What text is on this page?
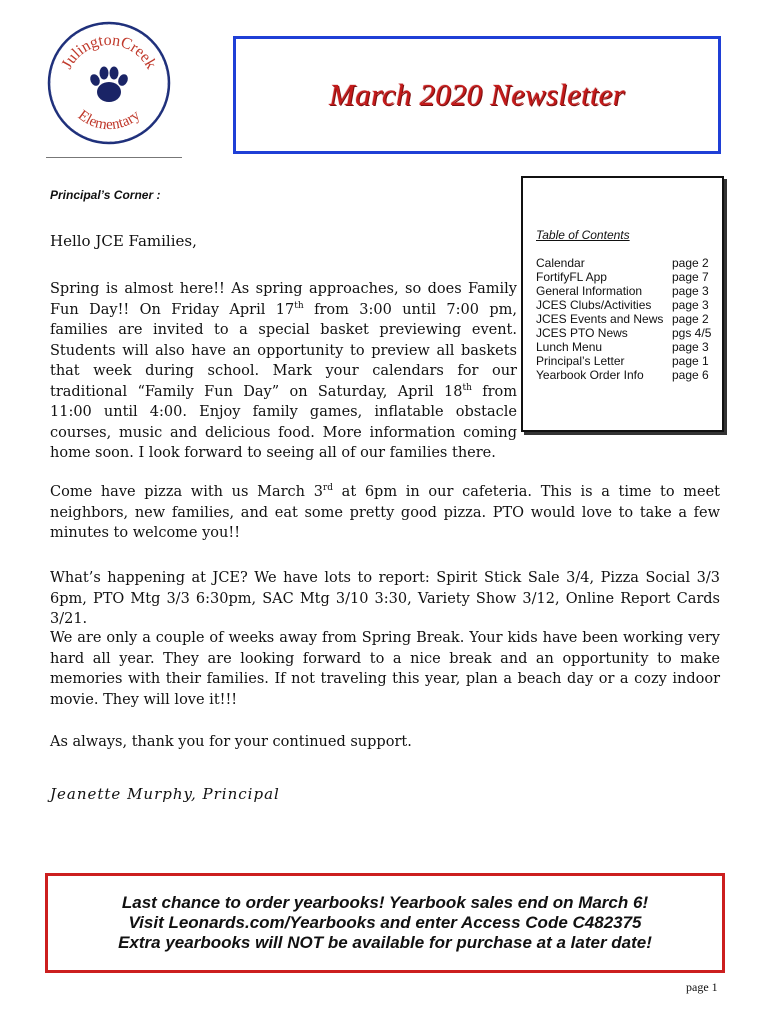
JulingtonCreek
Elementary
March 2020 Newsletter
Principal’s Corner :
Table of Contents
Calendar	page 2
FortifyFL App	page 7
General Information page 3
JCES Clubs/Activities page 3
JCES Events and News page 2
JCES PTO News	pgs 4/5
Lunch Menu	page 3
Principal’s Letter	page 1
Yearbook Order Info page 6
Hello JCE Families,
Spring is almost here!! As spring approaches, so does Family Fun Day!! On Friday April 17th from 3:00 until 7:00 pm, families are invited to a special basket previewing event. Students will also have an opportunity to preview all baskets that week during school. Mark your calendars for our traditional “Family Fun Day” on Saturday, April 18th from 11:00 until 4:00. Enjoy family games, inflatable obstacle courses, music and delicious food. More information coming home soon. I look forward to seeing all of our families there.
Come have pizza with us March 3rd at 6pm in our cafeteria. This is a time to meet neighbors, new families, and eat some pretty good pizza. PTO would love to take a few minutes to welcome you!!
What’s happening at JCE? We have lots to report: Spirit Stick Sale 3/4, Pizza Social 3/3 6pm, PTO Mtg 3/3 6:30pm, SAC Mtg 3/10 3:30, Variety Show 3/12, Online Report Cards 3/21.
We are only a couple of weeks away from Spring Break. Your kids have been working very hard all year. They are looking forward to a nice break and an opportunity to make memories with their families. If not traveling this year, plan a beach day or a cozy indoor movie. They will love it!!!
As always, thank you for your continued support.
Jeanette Murphy, Principal
Last chance to order yearbooks! Yearbook sales end on March 6!
Visit Leonards.com/Yearbooks and enter Access Code C482375
Extra yearbooks will NOT be available for purchase at a later date!
page 1
